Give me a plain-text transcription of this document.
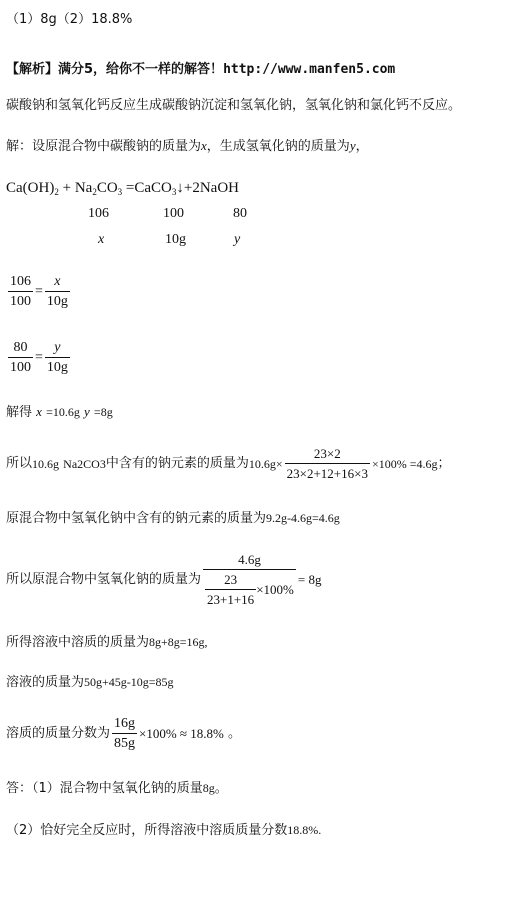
（1）8g（2）18.8%
【解析】满分5，给你不一样的解答！http://www.manfen5.com
碳酸钠和氢氧化钙反应生成碳酸钠沉淀和氢氧化钠，氢氧化钠和氯化钙不反应。
解：设原混合物中碳酸钠的质量为x，生成氢氧化钠的质量为y，
$Ca(OH)_2 + Na_2CO_3$ =CaCO$_3$↓+2NaOH
106	100	80
x	10g	y
$\frac{106}{100} = \frac{x}{10g}$
$\frac{80}{100} = \frac{y}{10g}$
解得 x =10.6g y =8g
所以10.6g Na2CO3中含有的钠元素的质量为$10.6g\times \frac{23\times 2}{23\times 2+12+16\times 3} \times 100\% =4.6g$；
原混合物中氢氧化钠中含有的钠元素的质量为9.2g-4.6g=4.6g
所以原混合物中氢氧化钠的质量为 $\frac{4.6g}{\frac{23}{23+1+16} \times 100\%} = 8g$
所得溶液中溶质的质量为8g+8g=16g,
溶液的质量为50g+45g-10g=85g
溶质的质量分数为 $\frac{16g}{85g} \times 100\% \approx 18.8\%$ 。
答：（1）混合物中氢氧化钠的质量8g。
（2）恰好完全反应时，所得溶液中溶质质量分数18.8%.
